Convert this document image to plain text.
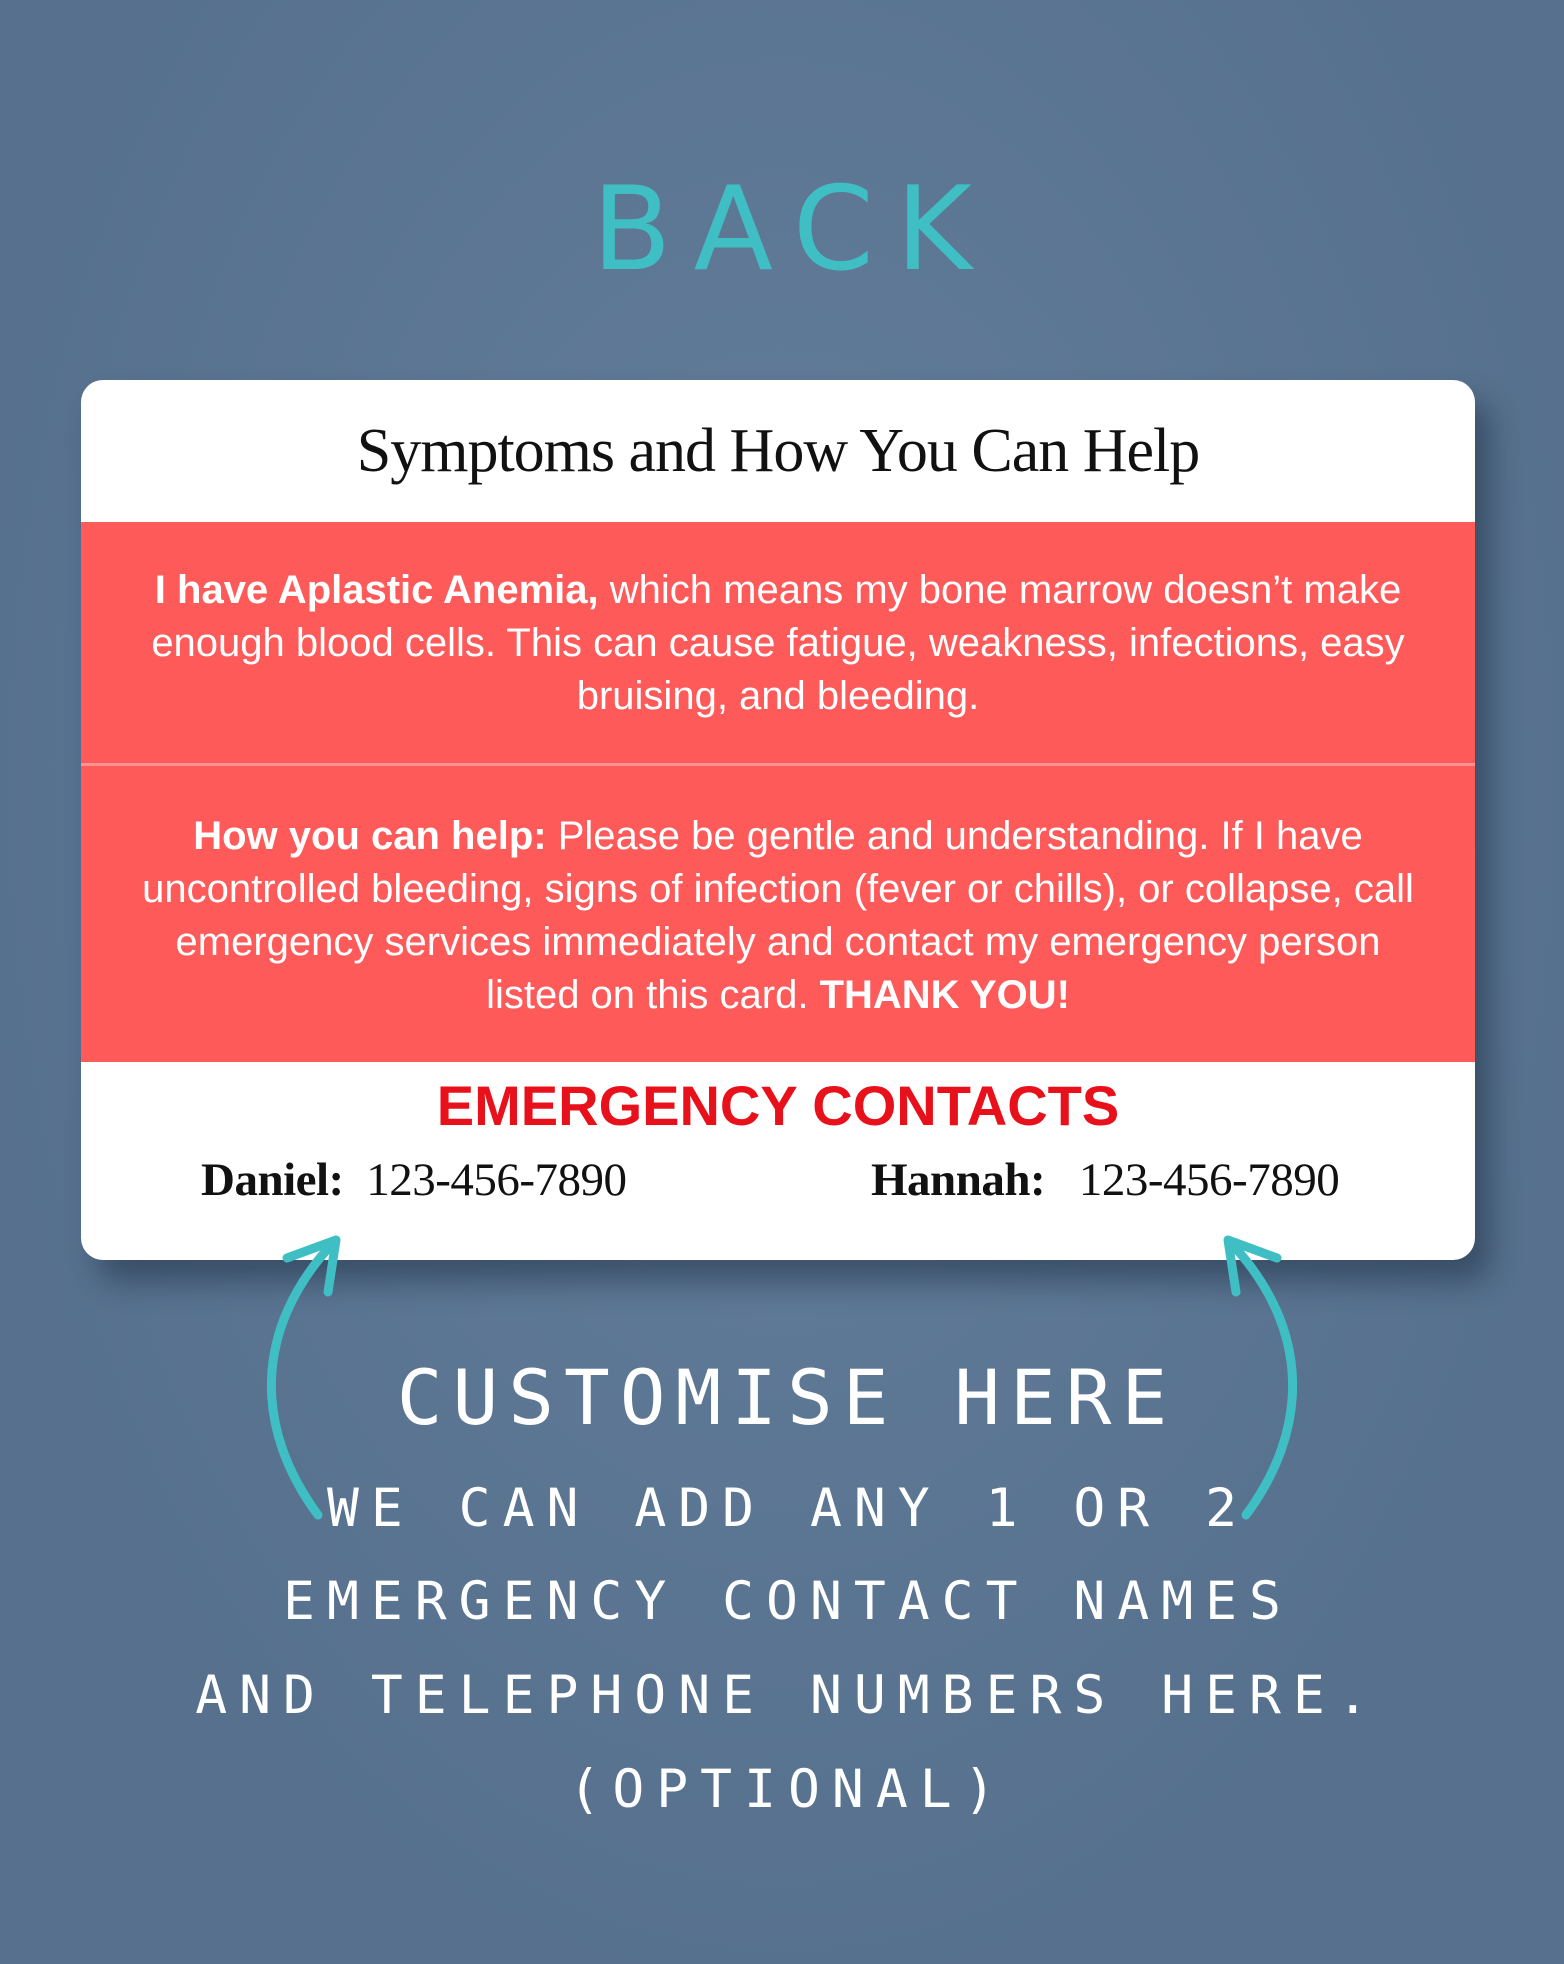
BACK
Symptoms and How You Can Help
I have Aplastic Anemia, which means my bone marrow doesn’t make enough blood cells. This can cause fatigue, weakness, infections, easy bruising, and bleeding.
How you can help: Please be gentle and understanding. If I have uncontrolled bleeding, signs of infection (fever or chills), or collapse, call emergency services immediately and contact my emergency person listed on this card. THANK YOU!
EMERGENCY CONTACTS
Daniel: 123-456-7890	Hannah: 123-456-7890
CUSTOMISE HERE
WE CAN ADD ANY 1 OR 2
EMERGENCY CONTACT NAMES
AND TELEPHONE NUMBERS HERE.
(OPTIONAL)
